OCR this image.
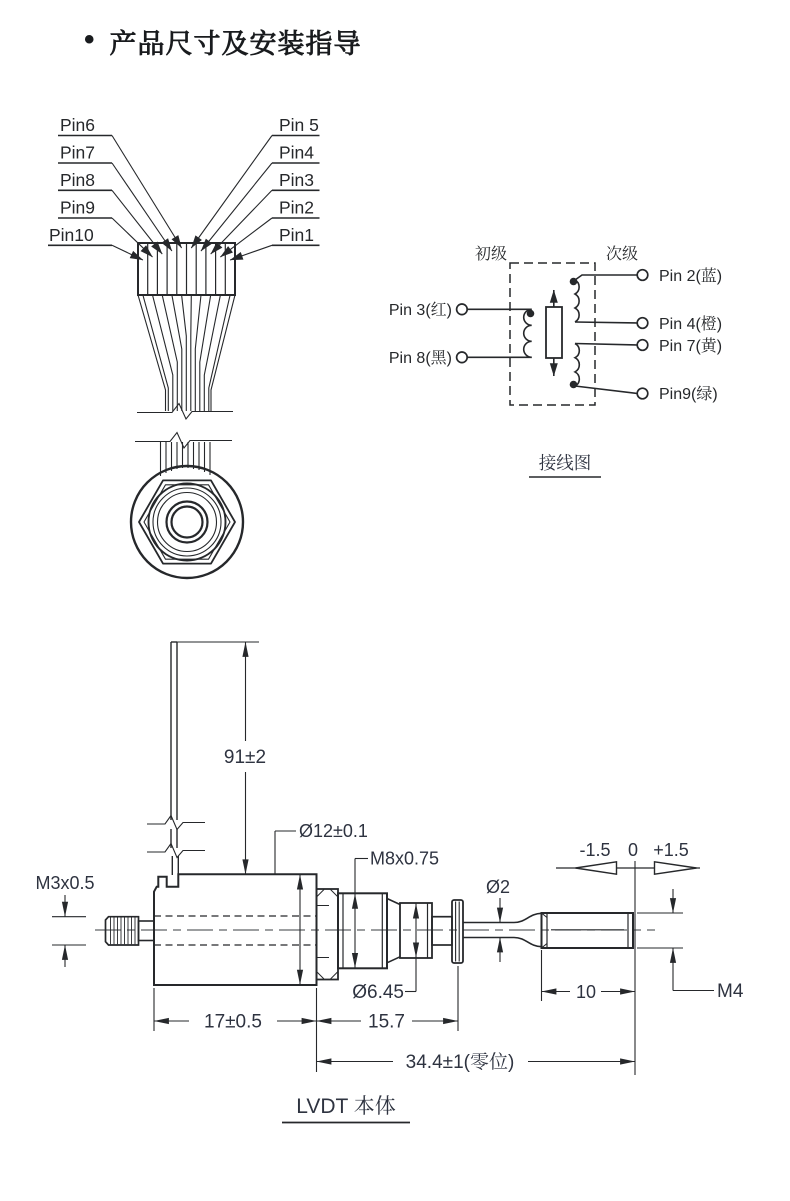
• 产品尺寸及安装指导
Pin6
Pin7
Pin8
Pin9
Pin10
Pin 5
Pin4
Pin3
Pin2
Pin1
初级	次级
Pin 3(红)
Pin 8(黑)
Pin 2(蓝)
Pin 4(橙)
Pin 7(黄)
Pin9(绿)
接线图
91±2
Ø12±0.1
M3x0.5
M8x0.75
Ø6.45
Ø2
-1.5 0 +1.5
M4
10
17±0.5	15.7
34.4±1(零位)
LVDT 本体
